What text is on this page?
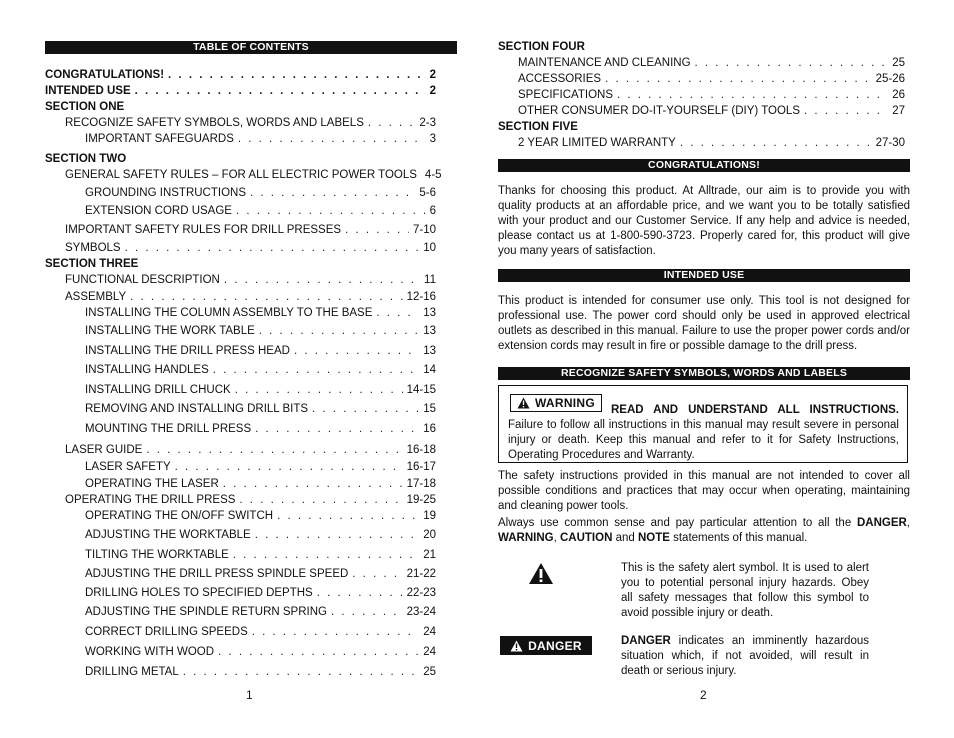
TABLE OF CONTENTS
CONGRATULATIONS! . . .	2
INTENDED USE . . .	2
SECTION ONE
RECOGNIZE SAFETY SYMBOLS, WORDS AND LABELS . . .	2-3
IMPORTANT SAFEGUARDS . . .	3
SECTION TWO
GENERAL SAFETY RULES – FOR ALL ELECTRIC POWER TOOLS 4-5
GROUNDING INSTRUCTIONS . . .	5-6
EXTENSION CORD USAGE . . .	6
IMPORTANT SAFETY RULES FOR DRILL PRESSES . . .	7-10
SYMBOLS . . .	10
SECTION THREE
FUNCTIONAL DESCRIPTION . . .	11
ASSEMBLY . . .	12-16
INSTALLING THE COLUMN ASSEMBLY TO THE BASE . . .	13
INSTALLING THE WORK TABLE . . .	13
INSTALLING THE DRILL PRESS HEAD . . .	13
INSTALLING HANDLES . . .	14
INSTALLING DRILL CHUCK . . .	14-15
REMOVING AND INSTALLING DRILL BITS . . .	15
MOUNTING THE DRILL PRESS . . .	16
LASER GUIDE . . .	16-18
LASER SAFETY . . .	16-17
OPERATING THE LASER . . .	17-18
OPERATING THE DRILL PRESS . . .	19-25
OPERATING THE ON/OFF SWITCH . . .	19
ADJUSTING THE WORKTABLE . . .	20
TILTING THE WORKTABLE . . .	21
ADJUSTING THE DRILL PRESS SPINDLE SPEED . . .	21-22
DRILLING HOLES TO SPECIFIED DEPTHS . . .	22-23
ADJUSTING THE SPINDLE RETURN SPRING . . .	23-24
CORRECT DRILLING SPEEDS . . .	24
WORKING WITH WOOD . . .	24
DRILLING METAL . . .	25
1
SECTION FOUR
MAINTENANCE AND CLEANING . . .	25
ACCESSORIES . . .	25-26
SPECIFICATIONS . . .	26
OTHER CONSUMER DO-IT-YOURSELF (DIY) TOOLS . . .	27
SECTION FIVE
2 YEAR LIMITED WARRANTY . . .	27-30
CONGRATULATIONS!
Thanks for choosing this product. At Alltrade, our aim is to provide you with quality products at an affordable price, and we want you to be totally satisfied with your product and our Customer Service. If any help and advice is needed, please contact us at 1-800-590-3723. Properly cared for, this product will give you many years of satisfaction.
INTENDED USE
This product is intended for consumer use only. This tool is not designed for professional use. The power cord should only be used in approved electrical outlets as described in this manual. Failure to use the proper power cords and/or extension cords may result in fire or possible damage to the drill press.
RECOGNIZE SAFETY SYMBOLS, WORDS AND LABELS
WARNING	READ AND UNDERSTAND ALL INSTRUCTIONS. Failure to follow all instructions in this manual may result severe in personal injury or death. Keep this manual and refer to it for Safety Instructions, Operating Procedures and Warranty.
The safety instructions provided in this manual are not intended to cover all possible conditions and practices that may occur when operating, maintaining and cleaning power tools.
Always use common sense and pay particular attention to all the DANGER, WARNING, CAUTION and NOTE statements of this manual.
This is the safety alert symbol. It is used to alert you to potential personal injury hazards. Obey all safety messages that follow this symbol to avoid possible injury or death.
DANGER	DANGER indicates an imminently hazardous situation which, if not avoided, will result in death or serious injury.
2
